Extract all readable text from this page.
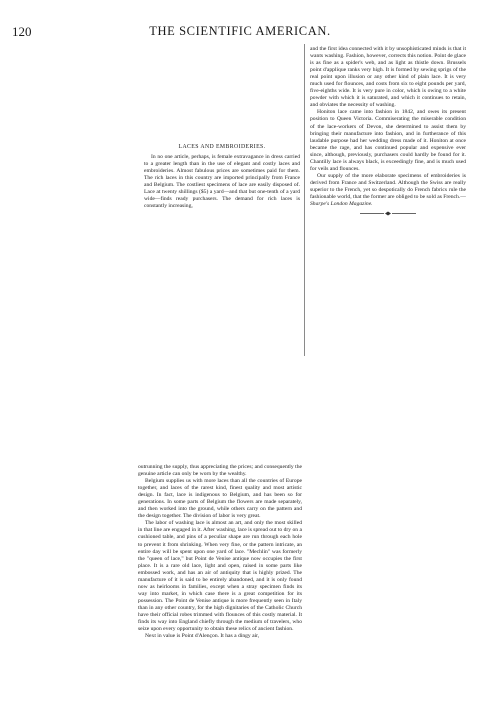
120	THE SCIENTIFIC AMERICAN.
LACES AND EMBROIDERIES.

In no one article, perhaps, is female extravagance in dress carried to a greater length than in the use of elegant and costly laces and embroideries. Almost fabulous prices are sometimes paid for them. The rich laces in this country are imported principally from France and Belgium. The costliest specimens of lace are easily disposed of. Lace at twenty shillings ($5) a yard—and that but one-tenth of a yard wide—finds ready purchasers. The demand for rich laces is constantly increasing,

and the first idea connected with it by unsophisticated minds is that it wants washing. Fashion, however, corrects this notion. Point de glace is as fine as a spider's web, and as light as thistle down. Brussels point d'applique ranks very high. It is formed by sewing sprigs of the real point upon illusion or any other kind of plain lace. It is very much used for flounces, and costs from six to eight pounds per yard, five-eighths wide. It is very pure in color, which is owing to a white powder with which it is saturated, and which it continues to retain, and obviates the necessity of washing.

Honiton lace came into fashion in 1842, and owes its present position to Queen Victoria. Commiserating the miserable condition of the lace-workers of Devon, she determined to assist them by bringing their manufacture into fashion, and in furtherance of this laudable purpose had her wedding dress made of it. Honiton at once became the rage, and has continued popular and expensive ever since, although, previously, purchasers could hardly be found for it. Chantilly lace is always black, is exceedingly fine, and is much used for veils and flounces.

Our supply of the more elaborate specimens of embroideries is derived from France and Switzerland. Although the Swiss are really superior to the French, yet so despotically do French fabrics rule the fashionable world, that the former are obliged to be sold as French.—

Sharpe's London Magazine.

outrunning the supply, thus appreciating the prices; and consequently the genuine article can only be worn by the wealthy.

Belgium supplies us with more laces than all the countries of Europe together, and laces of the rarest kind, finest quality and most artistic design. In fact, lace is indigenous to Belgium, and has been so for generations. In some parts of Belgium the flowers are made separately, and then worked into the ground, while others carry on the pattern and the design together. The division of labor is very great.

The labor of washing lace is almost an art, and only the most skilled in that line are engaged in it. After washing, lace is spread out to dry on a cushioned table, and pins of a peculiar shape are run through each hole to prevent it from shrinking. When very fine, or the pattern intricate, an entire day will be spent upon one yard of lace. "Mechlin" was formerly the "queen of lace," but Point de Venise antique now occupies the first place. It is a rare old lace, light and open, raised in some parts like embossed work, and has an air of antiquity that is highly prized. The manufacture of it is said to be entirely abandoned, and it is only found now as heirlooms in families, except when a stray specimen finds its way into market, in which case there is a great competition for its possession. The Point de Venise antique is more frequently seen in Italy than in any other country, for the high dignitaries of the Catholic Church have their official robes trimmed with flounces of this costly material. It finds its way into England chiefly through the medium of travelers, who seize upon every opportunity to obtain these relics of ancient fashion.

Next in value is Point d'Alençon. It has a dingy air,
